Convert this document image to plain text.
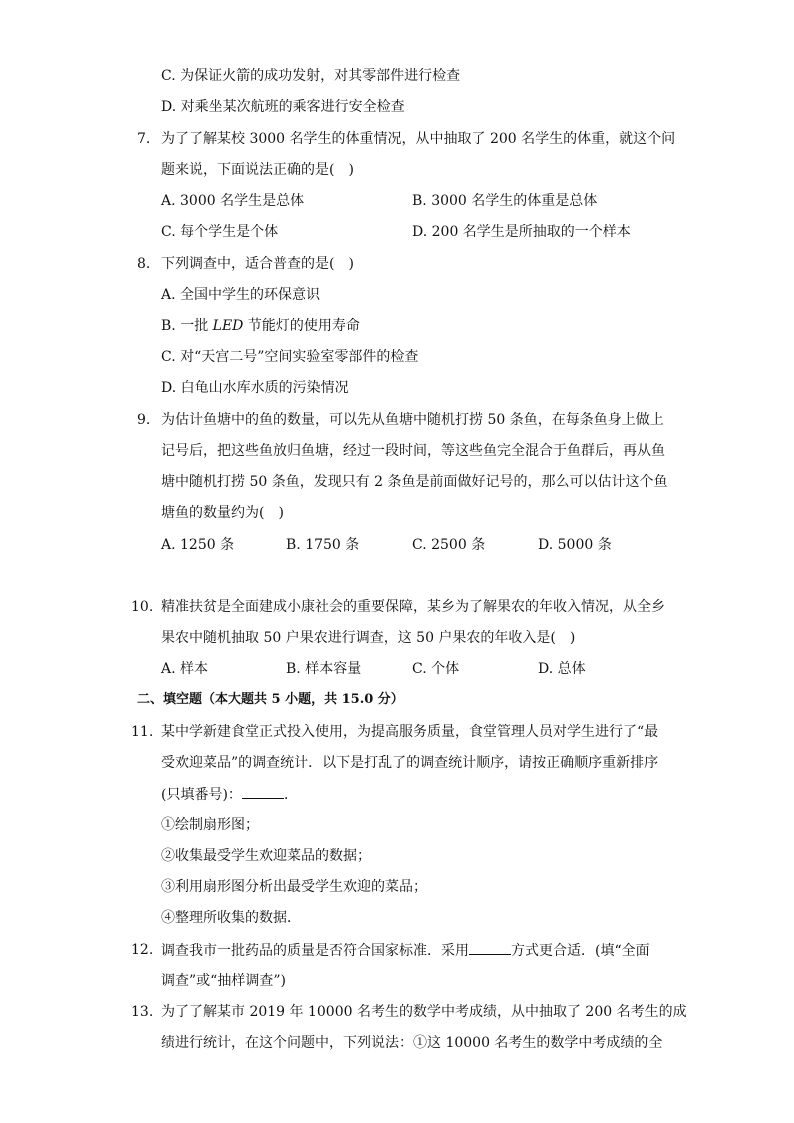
C. 为保证火箭的成功发射，对其零部件进行检查
D. 对乘坐某次航班的乘客进行安全检查
7. 为了了解某校 3000 名学生的体重情况，从中抽取了 200 名学生的体重，就这个问
题来说，下面说法正确的是(　)
A. 3000 名学生是总体	B. 3000 名学生的体重是总体
C. 每个学生是个体	D. 200 名学生是所抽取的一个样本
8. 下列调查中，适合普查的是(　)
A. 全国中学生的环保意识
B. 一批 LED 节能灯的使用寿命
C. 对“天宫二号”空间实验室零部件的检查
D. 白龟山水库水质的污染情况
9. 为估计鱼塘中的鱼的数量，可以先从鱼塘中随机打捞 50 条鱼，在每条鱼身上做上
记号后，把这些鱼放归鱼塘，经过一段时间，等这些鱼完全混合于鱼群后，再从鱼
塘中随机打捞 50 条鱼，发现只有 2 条鱼是前面做好记号的，那么可以估计这个鱼
塘鱼的数量约为(　)
A. 1250 条	B. 1750 条	C. 2500 条	D. 5000 条
10. 精准扶贫是全面建成小康社会的重要保障，某乡为了解果农的年收入情况，从全乡
果农中随机抽取 50 户果农进行调查，这 50 户果农的年收入是(　)
A. 样本	B. 样本容量	C. 个体	D. 总体
二、填空题（本大题共 5 小题，共 15.0 分）
11. 某中学新建食堂正式投入使用，为提高服务质量，食堂管理人员对学生进行了“最
受欢迎菜品”的调查统计．以下是打乱了的调查统计顺序，请按正确顺序重新排序
(只填番号)：	．
①绘制扇形图；
②收集最受学生欢迎菜品的数据；
③利用扇形图分析出最受学生欢迎的菜品；
④整理所收集的数据．
12. 调查我市一批药品的质量是否符合国家标准．采用	方式更合适．(填“全面
调查”或“抽样调查”)
13. 为了了解某市 2019 年 10000 名考生的数学中考成绩，从中抽取了 200 名考生的成
绩进行统计，在这个问题中，下列说法：①这 10000 名考生的数学中考成绩的全
